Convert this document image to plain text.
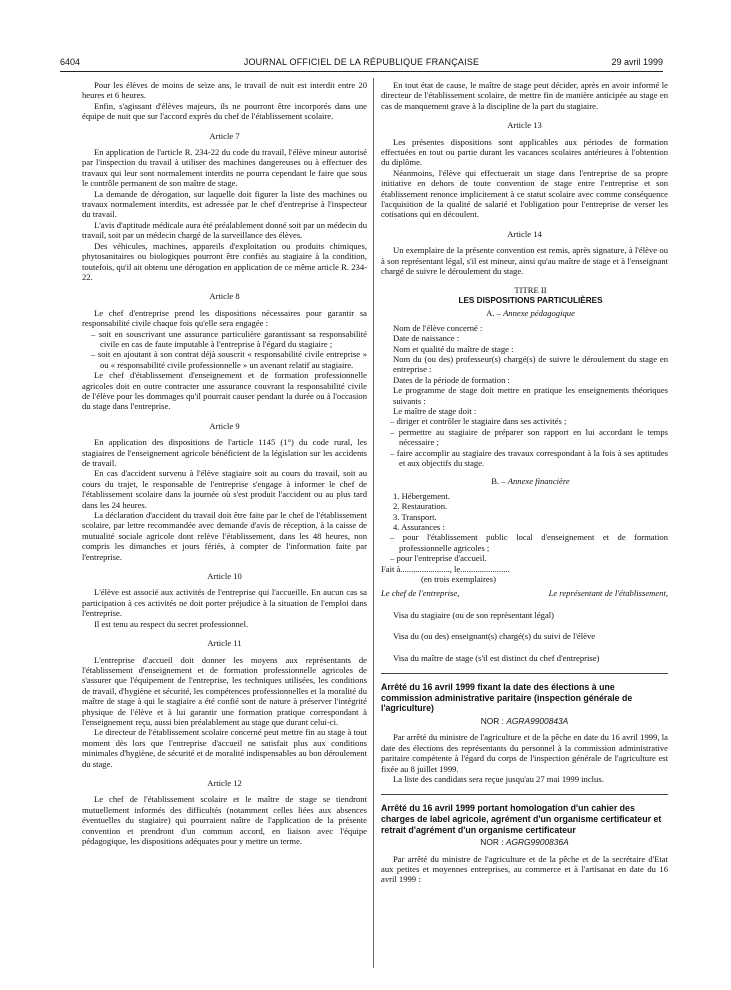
6404	JOURNAL OFFICIEL DE LA RÉPUBLIQUE FRANÇAISE	29 avril 1999

Pour les élèves de moins de seize ans, le travail de nuit est interdit entre 20 heures et 6 heures.

Enfin, s'agissant d'élèves majeurs, ils ne pourront être incorporés dans une équipe de nuit que sur l'accord exprès du chef de l'établissement scolaire.

Article 7

En application de l'article R. 234-22 du code du travail, l'élève mineur autorisé par l'inspection du travail à utiliser des machines dangereuses ou à effectuer des travaux qui leur sont normalement interdits ne pourra cependant le faire que sous le contrôle permanent de son maître de stage.

La demande de dérogation, sur laquelle doit figurer la liste des machines ou travaux normalement interdits, est adressée par le chef d'entreprise à l'inspecteur du travail.

L'avis d'aptitude médicale aura été préalablement donné soit par un médecin du travail, soit par un médecin chargé de la surveillance des élèves.

Des véhicules, machines, appareils d'exploitation ou produits chimiques, phytosanitaires ou biologiques pourront être confiés au stagiaire à la condition, toutefois, qu'il ait obtenu une dérogation en application de ce même article R. 234-22.

Article 8

Le chef d'entreprise prend les dispositions nécessaires pour garantir sa responsabilité civile chaque fois qu'elle sera engagée :

– soit en souscrivant une assurance particulière garantissant sa responsabilité civile en cas de faute imputable à l'entreprise à l'égard du stagiaire ;

– soit en ajoutant à son contrat déjà souscrit « responsabilité civile entreprise » ou « responsabilité civile professionnelle » un avenant relatif au stagiaire.

Le chef d'établissement d'enseignement et de formation professionnelle agricoles doit en outre contracter une assurance couvrant la responsabilité civile de l'élève pour les dommages qu'il pourrait causer pendant la durée ou à l'occasion du stage dans l'entreprise.

Article 9

En application des dispositions de l'article 1145 (1°) du code rural, les stagiaires de l'enseignement agricole bénéficient de la législation sur les accidents de travail.

En cas d'accident survenu à l'élève stagiaire soit au cours du travail, soit au cours du trajet, le responsable de l'entreprise s'engage à informer le chef de l'établissement scolaire dans la journée où s'est produit l'accident ou au plus tard dans les 24 heures.

La déclaration d'accident du travail doit être faite par le chef de l'établissement scolaire, par lettre recommandée avec demande d'avis de réception, à la caisse de mutualité sociale agricole dont relève l'établissement, dans les 48 heures, non compris les dimanches et jours fériés, à compter de l'information faite par l'entreprise.

Article 10

L'élève est associé aux activités de l'entreprise qui l'accueille. En aucun cas sa participation à ces activités ne doit porter préjudice à la situation de l'emploi dans l'entreprise.

Il est tenu au respect du secret professionnel.

Article 11

L'entreprise d'accueil doit donner les moyens aux représentants de l'établissement d'enseignement et de formation professionnelle agricoles de s'assurer que l'équipement de l'entreprise, les techniques utilisées, les conditions de travail, d'hygiène et sécurité, les compétences professionnelles et la moralité du maître de stage à qui le stagiaire a été confié sont de nature à préserver l'intégrité physique de l'élève et à lui garantir une formation pratique correspondant à l'enseignement reçu, aussi bien préalablement au stage que durant celui-ci.

Le directeur de l'établissement scolaire concerné peut mettre fin au stage à tout moment dès lors que l'entreprise d'accueil ne satisfait plus aux conditions minimales d'hygiène, de sécurité et de moralité indispensables au bon déroulement du stage.

Article 12

Le chef de l'établissement scolaire et le maître de stage se tiendront mutuellement informés des difficultés (notamment celles liées aux absences éventuelles du stagiaire) qui pourraient naître de l'application de la présente convention et prendront d'un commun accord, en liaison avec l'équipe pédagogique, les dispositions adéquates pour y mettre un terme.

En tout état de cause, le maître de stage peut décider, après en avoir informé le directeur de l'établissement scolaire, de mettre fin de manière anticipée au stage en cas de manquement grave à la discipline de la part du stagiaire.

Article 13

Les présentes dispositions sont applicables aux périodes de formation effectuées en tout ou partie durant les vacances scolaires antérieures à l'obtention du diplôme.

Néanmoins, l'élève qui effectuerait un stage dans l'entreprise de sa propre initiative en dehors de toute convention de stage entre l'entreprise et son établissement renonce implicitement à ce statut scolaire avec comme conséquence l'acquisition de la qualité de salarié et l'obligation pour l'entreprise de verser les cotisations qui en découlent.

Article 14

Un exemplaire de la présente convention est remis, après signature, à l'élève ou à son représentant légal, s'il est mineur, ainsi qu'au maître de stage et à l'enseignant chargé de suivre le déroulement du stage.

TITRE II

LES DISPOSITIONS PARTICULIÈRES

A. – Annexe pédagogique

Nom de l'élève concerné :

Date de naissance :

Nom et qualité du maître de stage :

Nom du (ou des) professeur(s) chargé(s) de suivre le déroulement du stage en entreprise :

Dates de la période de formation :

Le programme de stage doit mettre en pratique les enseignements théoriques suivants :

Le maître de stage doit :

– diriger et contrôler le stagiaire dans ses activités ;

– permettre au stagiaire de préparer son rapport en lui accordant le temps nécessaire ;

– faire accomplir au stagiaire des travaux correspondant à la fois à ses aptitudes et aux objectifs du stage.

B. – Annexe financière

1. Hébergement.

2. Restauration.

3. Transport.

4. Assurances :

– pour l'établissement public local d'enseignement et de formation professionnelle agricoles ;

– pour l'entreprise d'accueil.

Fait à......................., le.......................

(en trois exemplaires)

Le chef de l'entreprise,	Le représentant de l'établissement,

Visa du stagiaire (ou de son représentant légal)

Visa du (ou des) enseignant(s) chargé(s) du suivi de l'élève

Visa du maître de stage (s'il est distinct du chef d'entreprise)

Arrêté du 16 avril 1999 fixant la date des élections à une commission administrative paritaire (inspection générale de l'agriculture)

NOR : AGRA9900843A

Par arrêté du ministre de l'agriculture et de la pêche en date du 16 avril 1999, la date des élections des représentants du personnel à la commission administrative paritaire compétente à l'égard du corps de l'inspection générale de l'agriculture est fixée au 8 juillet 1999.

La liste des candidats sera reçue jusqu'au 27 mai 1999 inclus.

Arrêté du 16 avril 1999 portant homologation d'un cahier des charges de label agricole, agrément d'un organisme certificateur et retrait d'agrément d'un organisme certificateur

NOR : AGRG9900836A

Par arrêté du ministre de l'agriculture et de la pêche et de la secrétaire d'Etat aux petites et moyennes entreprises, au commerce et à l'artisanat en date du 16 avril 1999 :
